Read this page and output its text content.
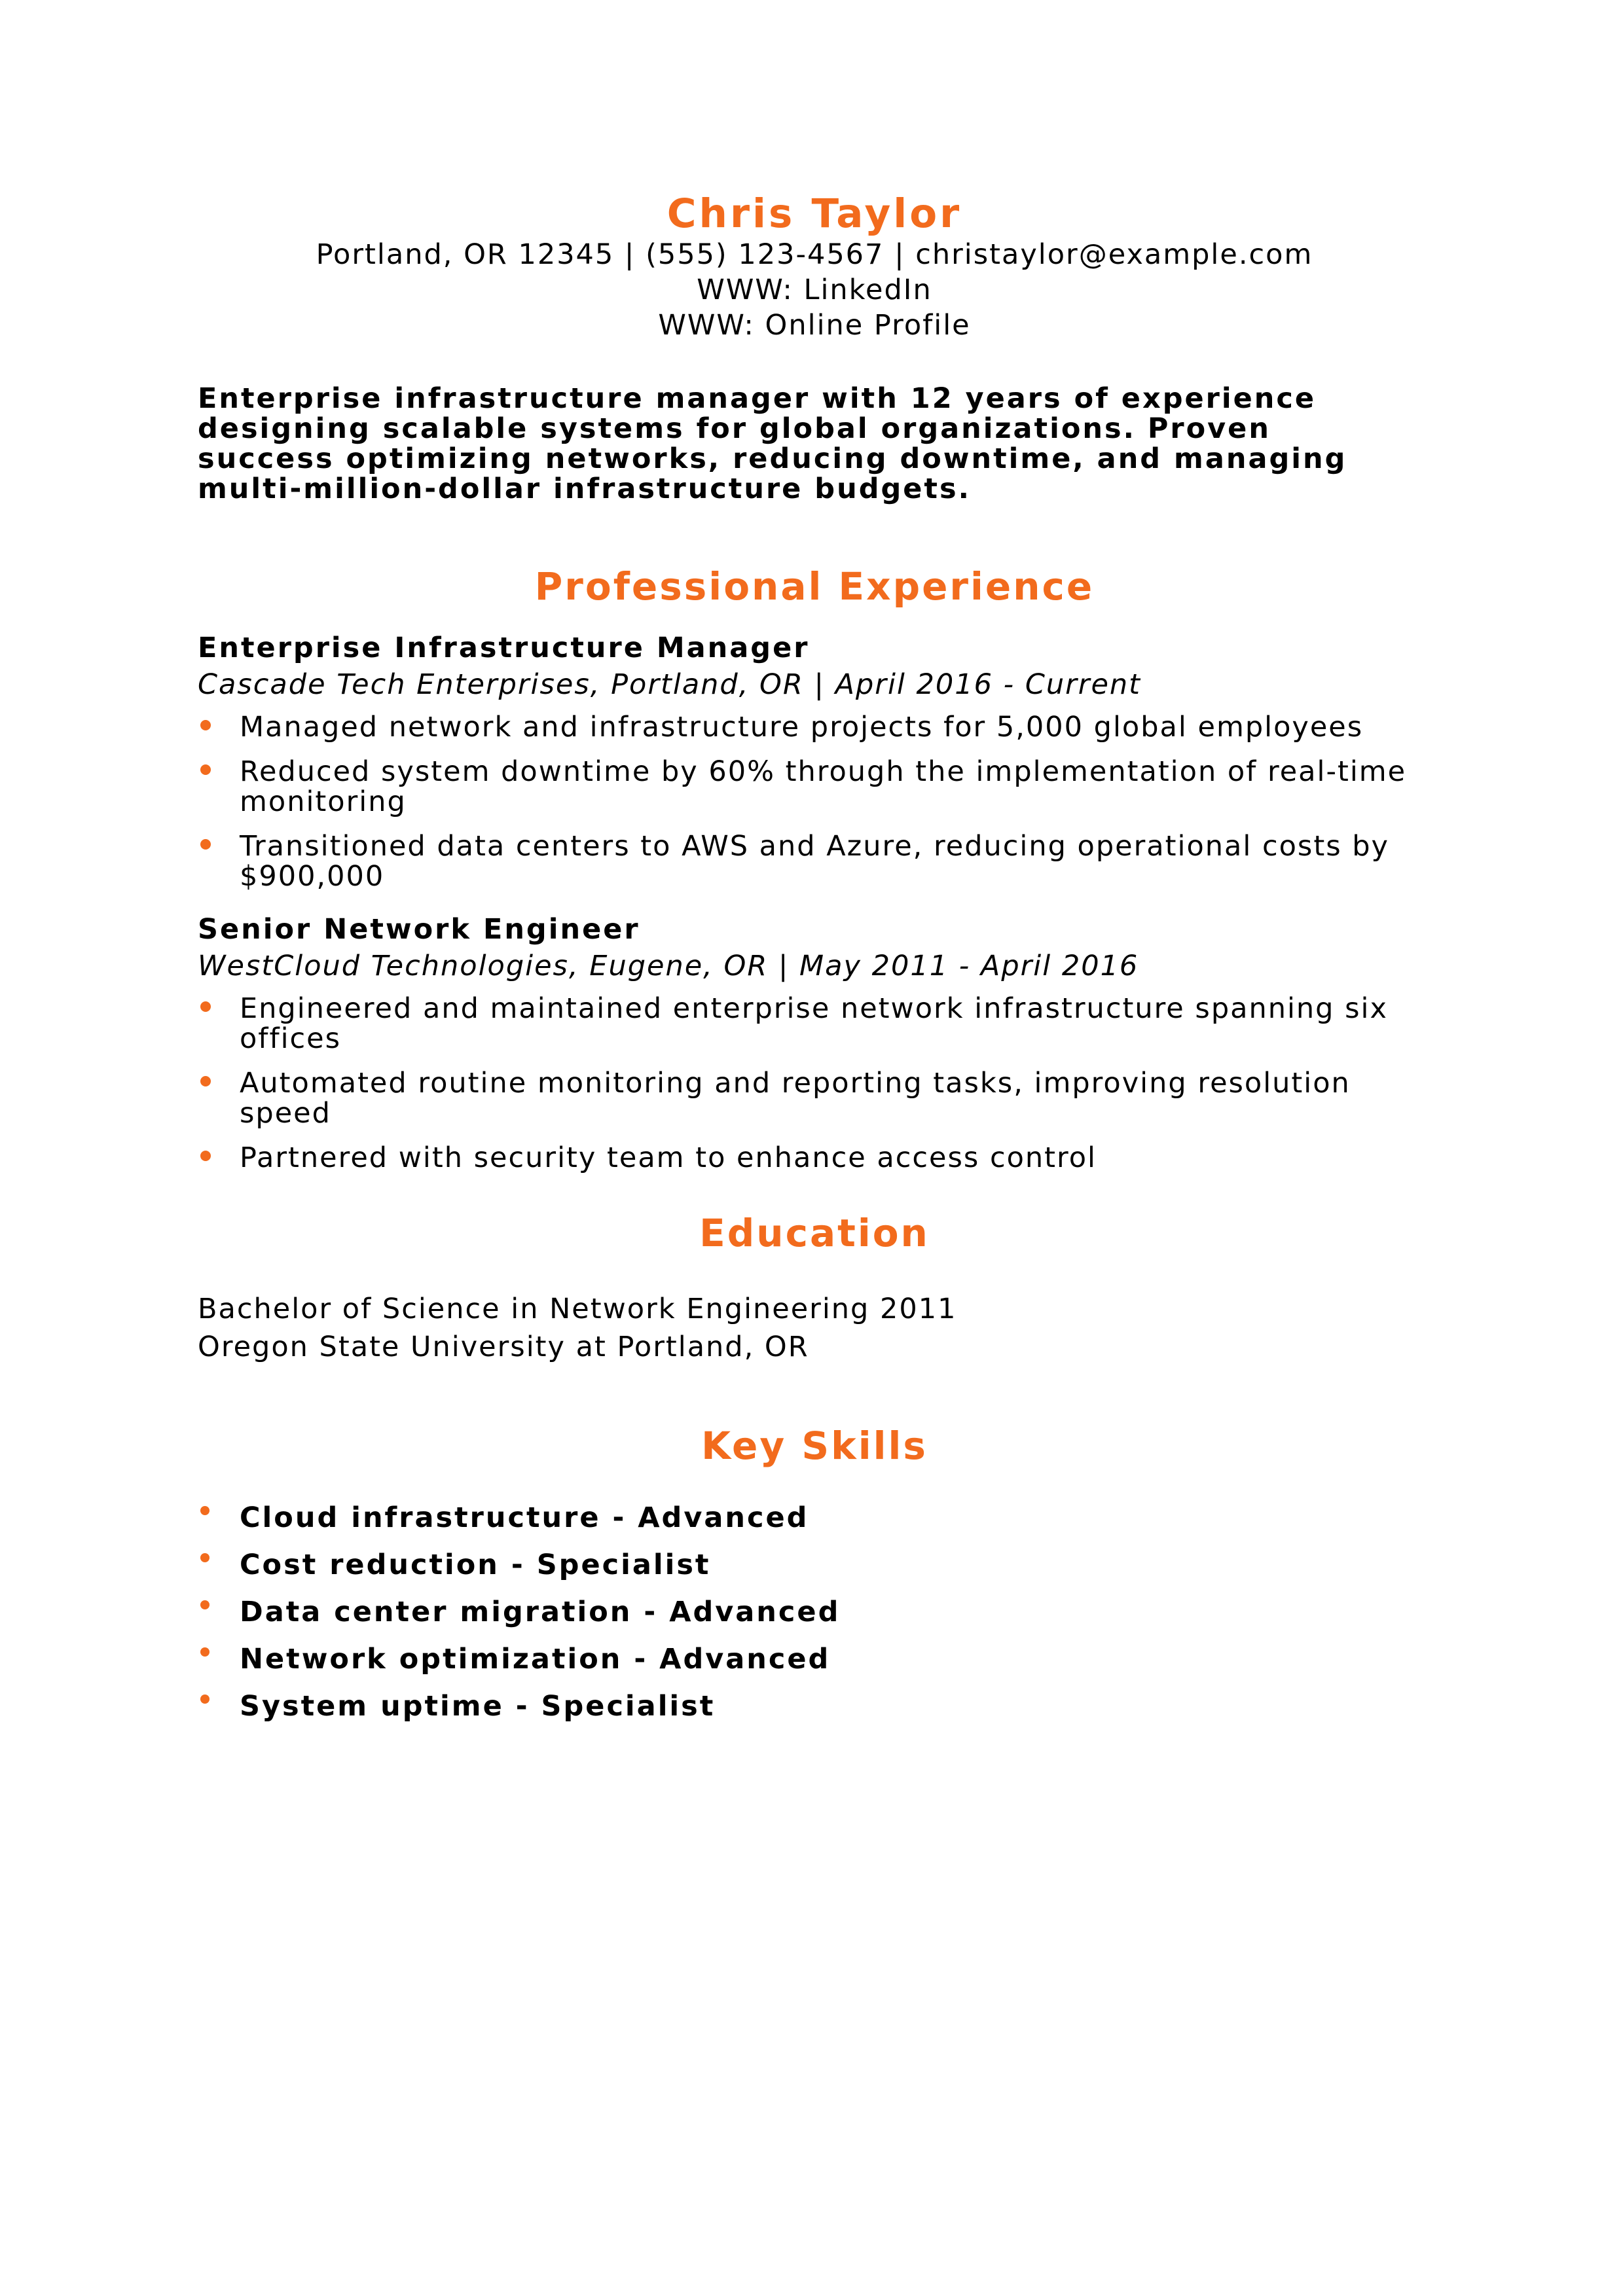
Chris Taylor

Portland, OR 12345 | (555) 123-4567 | christaylor@example.com

WWW: LinkedIn

WWW: Online Profile

Enterprise infrastructure manager with 12 years of experience designing scalable systems for global organizations. Proven success optimizing networks, reducing downtime, and managing multi-million-dollar infrastructure budgets.
Professional Experience

Enterprise Infrastructure Manager

Cascade Tech Enterprises, Portland, OR | April 2016 - Current

Managed network and infrastructure projects for 5,000 global employees
Reduced system downtime by 60% through the implementation of real-time monitoring
Transitioned data centers to AWS and Azure, reducing operational costs by $900,000

Senior Network Engineer

WestCloud Technologies, Eugene, OR | May 2011 - April 2016

Engineered and maintained enterprise network infrastructure spanning six offices
Automated routine monitoring and reporting tasks, improving resolution speed
Partnered with security team to enhance access control
Education

Bachelor of Science in Network Engineering 2011

Oregon State University at Portland, OR

Key Skills
Cloud infrastructure - Advanced
Cost reduction - Specialist
Data center migration - Advanced
Network optimization - Advanced
System uptime - Specialist
